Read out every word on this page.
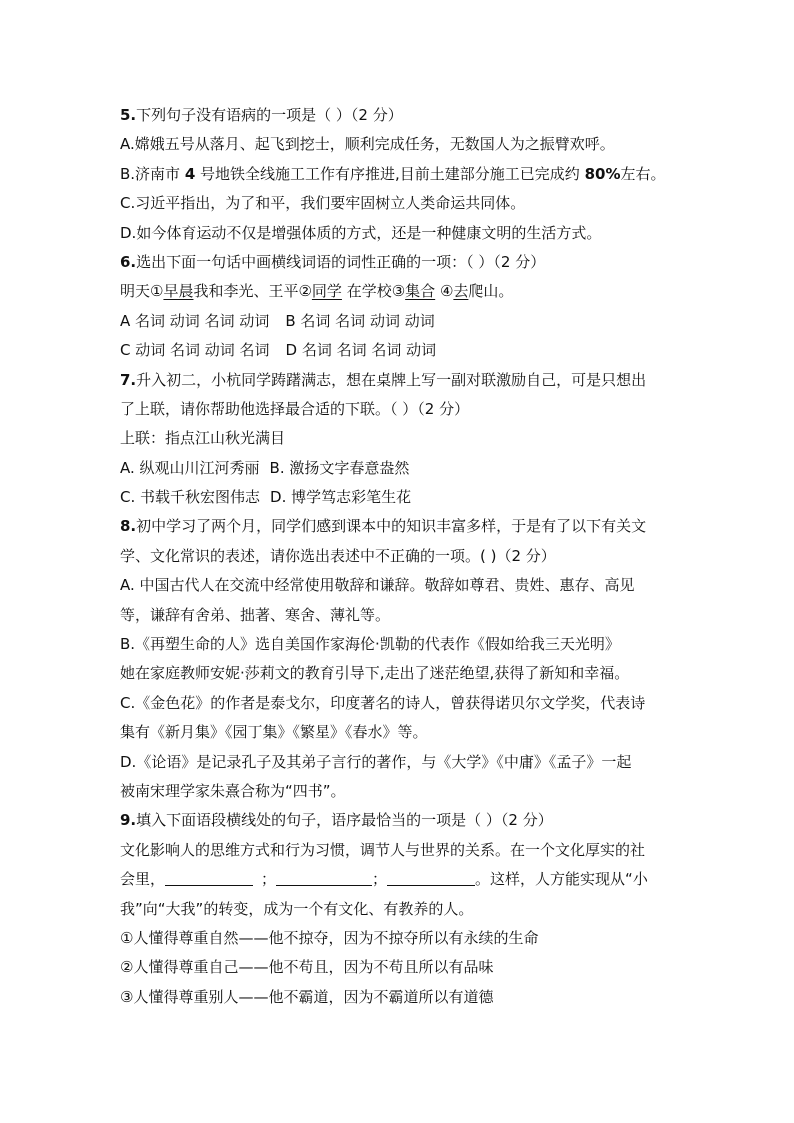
5.下列句子没有语病的一项是（ ）（2 分）
A.嫦娥五号从落月、起飞到挖士，顺利完成任务，无数国人为之振臂欢呼。
B.济南市 4 号地铁全线施工工作有序推进,目前土建部分施工已完成约 80%左右。
C.习近平指出，为了和平，我们要牢固树立人类命运共同体。
D.如今体育运动不仅是增强体质的方式，还是一种健康文明的生活方式。
6.选出下面一句话中画横线词语的词性正确的一项：（ ）（2 分）
明天①早晨我和李光、王平②同学 在学校③集合 ④去爬山。
A 名词 动词 名词 动词 B 名词 名词 动词 动词
C 动词 名词 动词 名词 D 名词 名词 名词 动词
7.升入初二，小杭同学踌躇满志，想在桌牌上写一副对联激励自己，可是只想出
了上联，请你帮助他选择最合适的下联。（ ）（2 分）
上联：指点江山秋光满目
A. 纵观山川江河秀丽 B. 激扬文字春意盎然
C. 书载千秋宏图伟志 D. 博学笃志彩笔生花
8.初中学习了两个月，同学们感到课本中的知识丰富多样，于是有了以下有关文
学、文化常识的表述，请你选出表述中不正确的一项。( )（2 分）
A. 中国古代人在交流中经常使用敬辞和谦辞。敬辞如尊君、贵姓、惠存、高见
等，谦辞有舍弟、拙著、寒舍、薄礼等。
B.《再塑生命的人》选自美国作家海伦·凯勒的代表作《假如给我三天光明》
她在家庭教师安妮·莎莉文的教育引导下,走出了迷茫绝望,获得了新知和幸福。
C.《金色花》的作者是泰戈尔，印度著名的诗人，曾获得诺贝尔文学奖，代表诗
集有《新月集》《园丁集》《繁星》《春水》等。
D.《论语》是记录孔子及其弟子言行的著作，与《大学》《中庸》《孟子》一起
被南宋理学家朱熹合称为“四书”。
9.填入下面语段横线处的句子，语序最恰当的一项是（ ）（2 分）
文化影响人的思维方式和行为习惯，调节人与世界的关系。在一个文化厚实的社
会里，	；	；	。这样，人方能实现从“小
我”向“大我”的转变，成为一个有文化、有教养的人。
①人懂得尊重自然——他不掠夺，因为不掠夺所以有永续的生命
②人懂得尊重自己——他不苟且，因为不苟且所以有品味
③人懂得尊重别人——他不霸道，因为不霸道所以有道德
